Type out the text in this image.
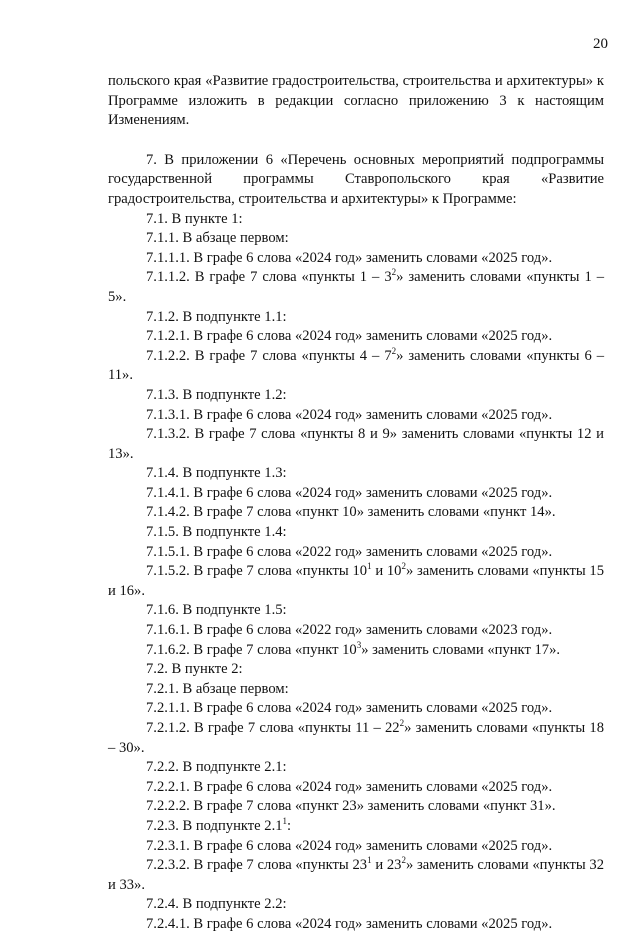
20

польского края «Развитие градостроительства, строительства и архитектуры» к Программе изложить в редакции согласно приложению 3 к настоящим Изменениям.

7. В приложении 6 «Перечень основных мероприятий подпрограммы государственной программы Ставропольского края «Развитие градостроительства, строительства и архитектуры» к Программе:

7.1. В пункте 1:

7.1.1. В абзаце первом:

7.1.1.1. В графе 6 слова «2024 год» заменить словами «2025 год».

7.1.1.2. В графе 7 слова «пункты $1 - 3^2$» заменить словами «пункты 1 – 5».

7.1.2. В подпункте 1.1:

7.1.2.1. В графе 6 слова «2024 год» заменить словами «2025 год».

7.1.2.2. В графе 7 слова «пункты $4 - 7^2$» заменить словами «пункты 6 – 11».

7.1.3. В подпункте 1.2:

7.1.3.1. В графе 6 слова «2024 год» заменить словами «2025 год».

7.1.3.2. В графе 7 слова «пункты 8 и 9» заменить словами «пункты 12 и 13».

7.1.4. В подпункте 1.3:

7.1.4.1. В графе 6 слова «2024 год» заменить словами «2025 год».

7.1.4.2. В графе 7 слова «пункт 10» заменить словами «пункт 14».

7.1.5. В подпункте 1.4:

7.1.5.1. В графе 6 слова «2022 год» заменить словами «2025 год».

7.1.5.2. В графе 7 слова «пункты $10^1$ и $10^2$» заменить словами «пункты 15 и 16».

7.1.6. В подпункте 1.5:

7.1.6.1. В графе 6 слова «2022 год» заменить словами «2023 год».

7.1.6.2. В графе 7 слова «пункт $10^3$» заменить словами «пункт 17».

7.2. В пункте 2:

7.2.1. В абзаце первом:

7.2.1.1. В графе 6 слова «2024 год» заменить словами «2025 год».

7.2.1.2. В графе 7 слова «пункты $11 - 22^2$» заменить словами «пункты 18 – 30».

7.2.2. В подпункте 2.1:

7.2.2.1. В графе 6 слова «2024 год» заменить словами «2025 год».

7.2.2.2. В графе 7 слова «пункт 23» заменить словами «пункт 31».

7.2.3. В подпункте $2.1^1$:

7.2.3.1. В графе 6 слова «2024 год» заменить словами «2025 год».

7.2.3.2. В графе 7 слова «пункты $23^1$ и $23^2$» заменить словами «пункты 32 и 33».

7.2.4. В подпункте 2.2:

7.2.4.1. В графе 6 слова «2024 год» заменить словами «2025 год».
